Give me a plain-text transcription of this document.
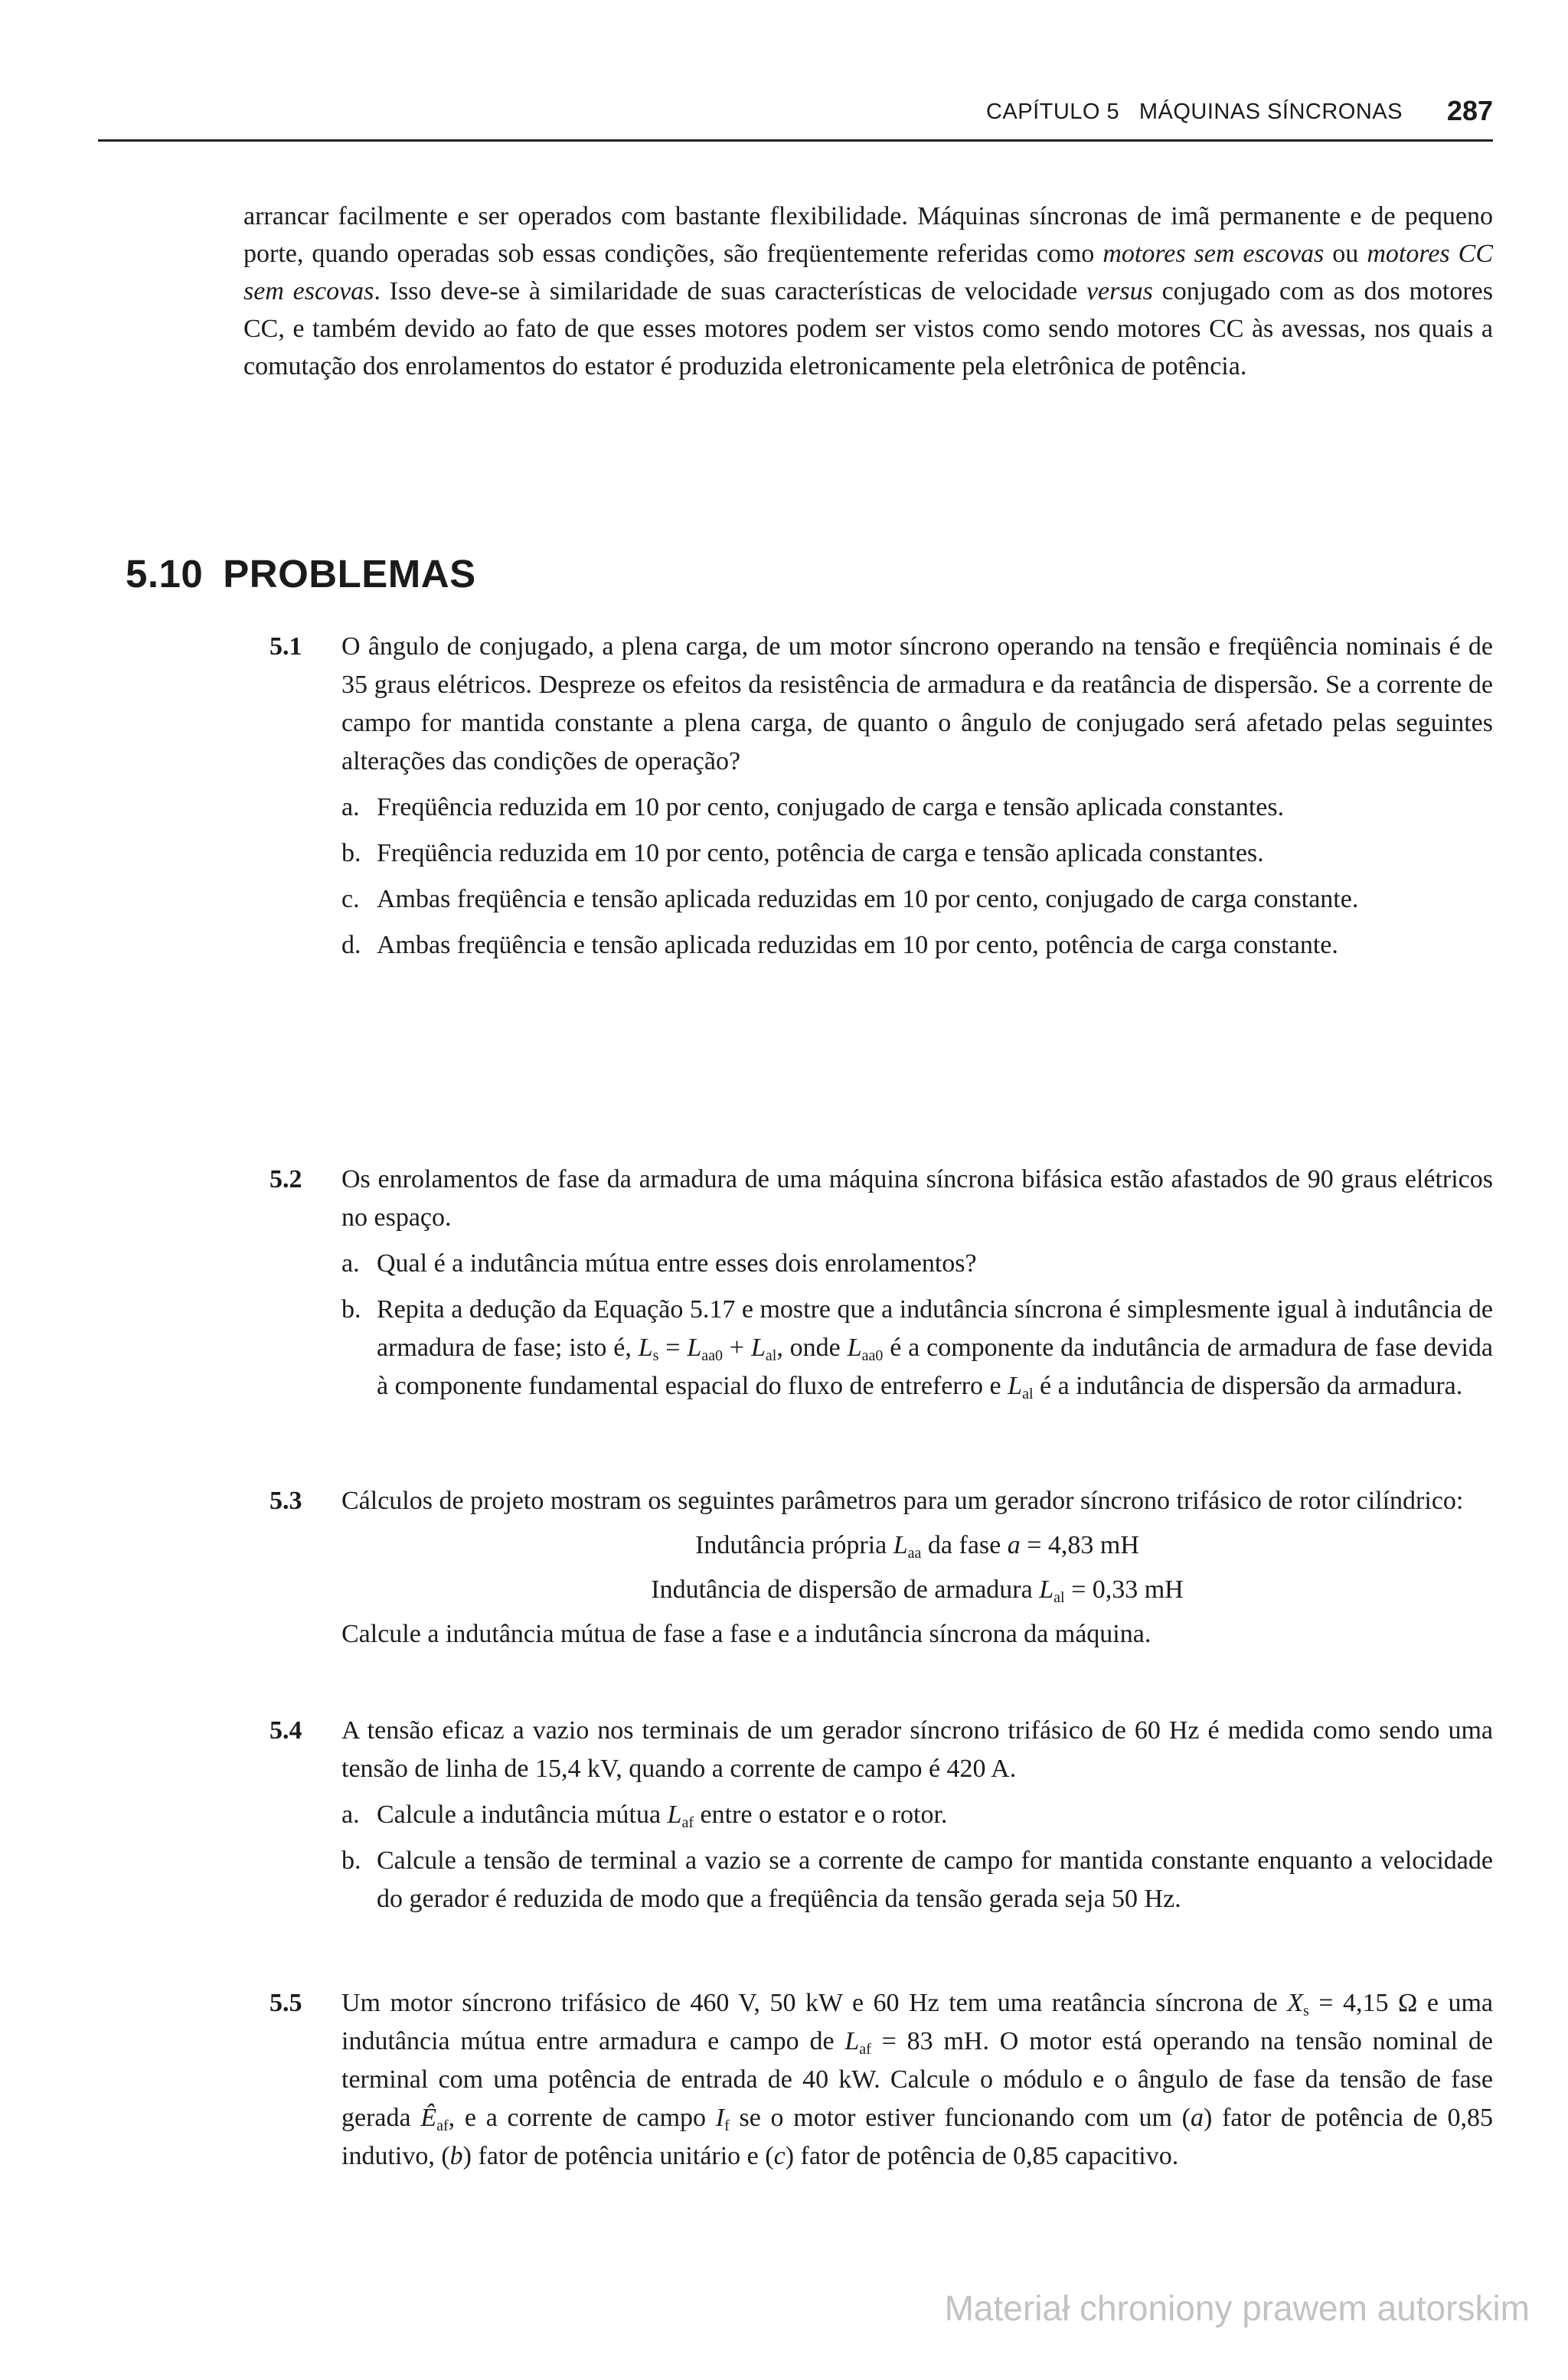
CAPÍTULO 5 MÁQUINAS SÍNCRONAS 287
arrancar facilmente e ser operados com bastante flexibilidade. Máquinas síncronas de imã permanente e de pequeno porte, quando operadas sob essas condições, são freqüentemente referidas como motores sem escovas ou motores CC sem escovas. Isso deve-se à similaridade de suas características de velocidade versus conjugado com as dos motores CC, e também devido ao fato de que esses motores podem ser vistos como sendo motores CC às avessas, nos quais a comutação dos enrolamentos do estator é produzida eletronicamente pela eletrônica de potência.
5.10 PROBLEMAS
5.1 O ângulo de conjugado, a plena carga, de um motor síncrono operando na tensão e freqüência nominais é de 35 graus elétricos. Despreze os efeitos da resistência de armadura e da reatância de dispersão. Se a corrente de campo for mantida constante a plena carga, de quanto o ângulo de conjugado será afetado pelas seguintes alterações das condições de operação?
a. Freqüência reduzida em 10 por cento, conjugado de carga e tensão aplicada constantes.
b. Freqüência reduzida em 10 por cento, potência de carga e tensão aplicada constantes.
c. Ambas freqüência e tensão aplicada reduzidas em 10 por cento, conjugado de carga constante.
d. Ambas freqüência e tensão aplicada reduzidas em 10 por cento, potência de carga constante.
5.2 Os enrolamentos de fase da armadura de uma máquina síncrona bifásica estão afastados de 90 graus elétricos no espaço.
a. Qual é a indutância mútua entre esses dois enrolamentos?
b. Repita a dedução da Equação 5.17 e mostre que a indutância síncrona é simplesmente igual à indutância de armadura de fase; isto é, $L_s = L_{aa0} + L_{al}$, onde $L_{aa0}$ é a componente da indutância de armadura de fase devida à componente fundamental espacial do fluxo de entreferro e $L_{al}$ é a indutância de dispersão da armadura.
5.3 Cálculos de projeto mostram os seguintes parâmetros para um gerador síncrono trifásico de rotor cilíndrico:
Indutância própria $L_{aa}$ da fase a = 4,83 mH
Indutância de dispersão de armadura $L_{al} = 0,33$ mH
Calcule a indutância mútua de fase a fase e a indutância síncrona da máquina.
5.4 A tensão eficaz a vazio nos terminais de um gerador síncrono trifásico de 60 Hz é medida como sendo uma tensão de linha de 15,4 kV, quando a corrente de campo é 420 A.
a. Calcule a indutância mútua $L_{af}$ entre o estator e o rotor.
b. Calcule a tensão de terminal a vazio se a corrente de campo for mantida constante enquanto a velocidade do gerador é reduzida de modo que a freqüência da tensão gerada seja 50 Hz.
5.5 Um motor síncrono trifásico de 460 V, 50 kW e 60 Hz tem uma reatância síncrona de $X_s = 4,15$ Ω e uma indutância mútua entre armadura e campo de $L_{af} = 83$ mH. O motor está operando na tensão nominal de terminal com uma potência de entrada de 40 kW. Calcule o módulo e o ângulo de fase da tensão de fase gerada $Ê_{af}$, e a corrente de campo $I_f$ se o motor estiver funcionando com um (a) fator de potência de 0,85 indutivo, (b) fator de potência unitário e (c) fator de potência de 0,85 capacitivo.
Materiał chroniony prawem autorskim
